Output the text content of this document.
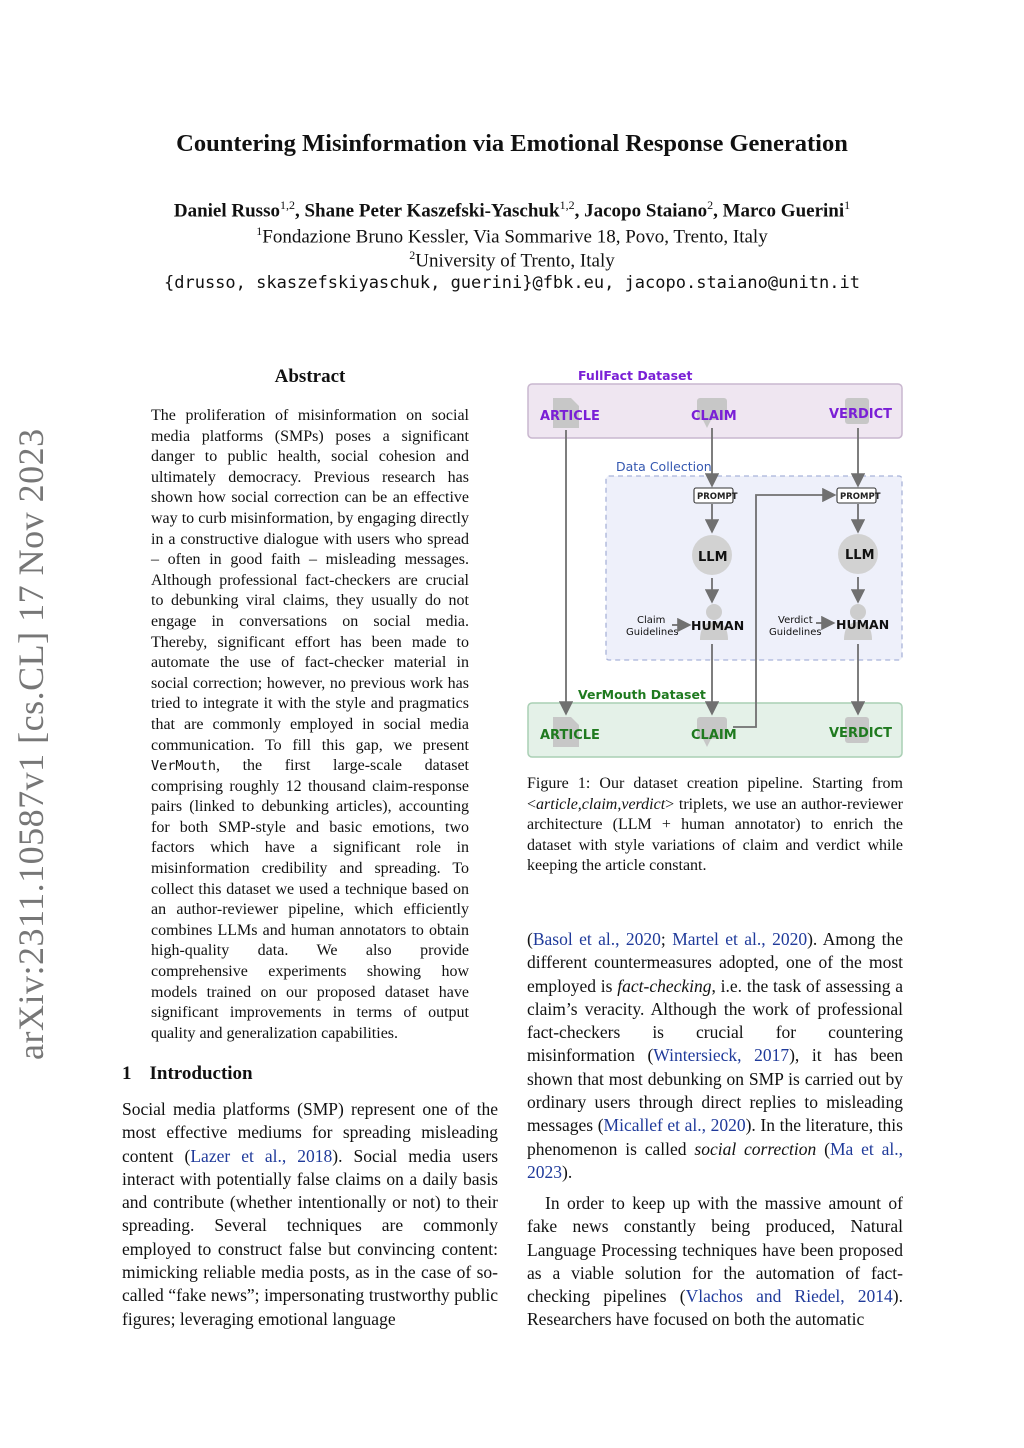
Countering Misinformation via Emotional Response Generation
Daniel Russo$^{1,2}$, Shane Peter Kaszefski-Yaschuk$^{1,2}$, Jacopo Staiano$^2$, Marco Guerini$^1$
$^1$Fondazione Bruno Kessler, Via Sommarive 18, Povo, Trento, Italy
$^2$University of Trento, Italy
{drusso, skaszefskiyaschuk, guerini}@fbk.eu, jacopo.staiano@unitn.it
arXiv:2311.10587v1 [cs.CL] 17 Nov 2023
Abstract
The proliferation of misinformation on social media platforms (SMPs) poses a significant danger to public health, social cohesion and ultimately democracy. Previous research has shown how social correction can be an effective way to curb misinformation, by engaging directly in a constructive dialogue with users who spread – often in good faith – misleading messages. Although professional fact-checkers are crucial to debunking viral claims, they usually do not engage in conversations on social media. Thereby, significant effort has been made to automate the use of fact-checker material in social correction; however, no previous work has tried to integrate it with the style and pragmatics that are commonly employed in social media communication. To fill this gap, we present VerMouth, the first large-scale dataset comprising roughly 12 thousand claim-response pairs (linked to debunking articles), accounting for both SMP-style and basic emotions, two factors which have a significant role in misinformation credibility and spreading. To collect this dataset we used a technique based on an author-reviewer pipeline, which efficiently combines LLMs and human annotators to obtain high-quality data. We also provide comprehensive experiments showing how models trained on our proposed dataset have significant improvements in terms of output quality and generalization capabilities.
1 Introduction
Social media platforms (SMP) represent one of the most effective mediums for spreading misleading content (Lazer et al., 2018). Social media users interact with potentially false claims on a daily basis and contribute (whether intentionally or not) to their spreading. Several techniques are commonly employed to construct false but convincing content: mimicking reliable media posts, as in the case of so-called “fake news”; impersonating trustworthy public figures; leveraging emotional language
FullFact Dataset
Data Collection
VerMouth Dataset
ARTICLE	CLAIM	VERDICT
ARTICLE	CLAIM	VERDICT
PROMPT	PROMPT
LLM	LLM
HUMAN	HUMAN
Claim
Guidelines
Verdict
Guidelines
Figure 1: Our dataset creation pipeline. Starting from <article,claim,verdict> triplets, we use an author-reviewer architecture (LLM + human annotator) to enrich the dataset with style variations of claim and verdict while keeping the article constant.
(Basol et al., 2020; Martel et al., 2020). Among the different countermeasures adopted, one of the most employed is fact-checking, i.e. the task of assessing a claim’s veracity. Although the work of professional fact-checkers is crucial for countering misinformation (Wintersieck, 2017), it has been shown that most debunking on SMP is carried out by ordinary users through direct replies to misleading messages (Micallef et al., 2020). In the literature, this phenomenon is called social correction (Ma et al., 2023).
In order to keep up with the massive amount of fake news constantly being produced, Natural Language Processing techniques have been proposed as a viable solution for the automation of fact-checking pipelines (Vlachos and Riedel, 2014). Researchers have focused on both the automatic
